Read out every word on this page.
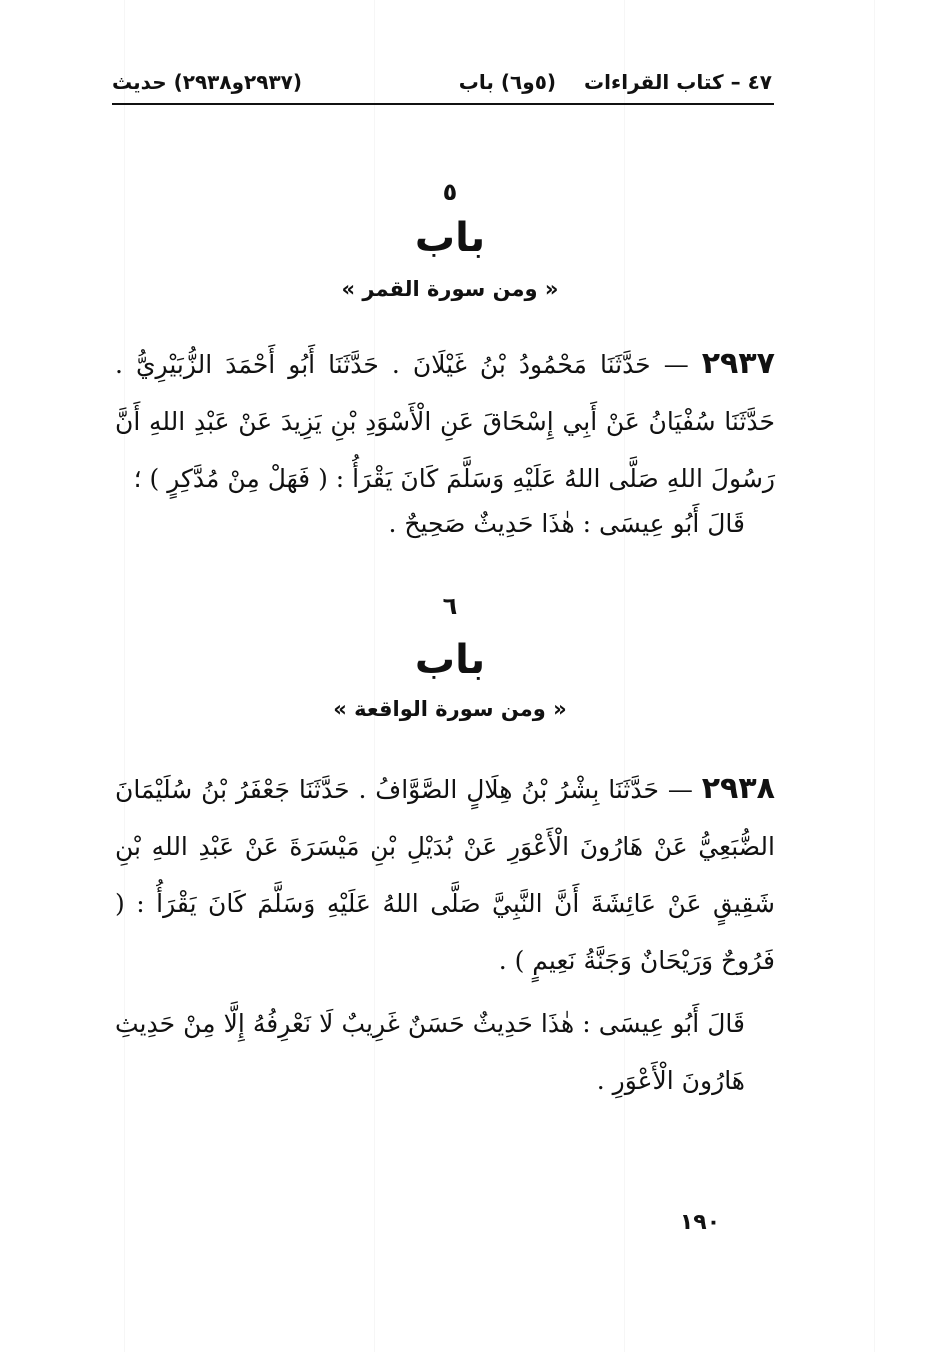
٤٧ – كتاب القراءات
(٥و٦) باب
(٢٩٣٧و٢٩٣٨) حديث
٥
باب
« ومن سورة القمر »
٢٩٣٧ — حَدَّثَنَا مَحْمُودُ بْنُ غَيْلَانَ . حَدَّثَنَا أَبُو أَحْمَدَ الزُّبَيْرِيُّ . حَدَّثَنَا سُفْيَانُ عَنْ أَبِي إِسْحَاقَ عَنِ الْأَسْوَدِ بْنِ يَزِيدَ عَنْ عَبْدِ اللهِ أَنَّ رَسُولَ اللهِ صَلَّى اللهُ عَلَيْهِ وَسَلَّمَ كَانَ يَقْرَأُ : ( فَهَلْ مِنْ مُدَّكِرٍ ) ؛
قَالَ أَبُو عِيسَى : هٰذَا حَدِيثٌ صَحِيحٌ .
٦
باب
« ومن سورة الواقعة »
٢٩٣٨ — حَدَّثَنَا بِشْرُ بْنُ هِلَالٍ الصَّوَّافُ . حَدَّثَنَا جَعْفَرُ بْنُ سُلَيْمَانَ الضُّبَعِيُّ عَنْ هَارُونَ الْأَعْوَرِ عَنْ بُدَيْلِ بْنِ مَيْسَرَةَ عَنْ عَبْدِ اللهِ بْنِ شَقِيقٍ عَنْ عَائِشَةَ أَنَّ النَّبِيَّ صَلَّى اللهُ عَلَيْهِ وَسَلَّمَ كَانَ يَقْرَأُ : ( فَرُوحٌ وَرَيْحَانٌ وَجَنَّةُ نَعِيمٍ ) .
قَالَ أَبُو عِيسَى : هٰذَا حَدِيثٌ حَسَنٌ غَرِيبٌ لَا نَعْرِفُهُ إِلَّا مِنْ حَدِيثِ هَارُونَ الْأَعْوَرِ .
١٩٠
